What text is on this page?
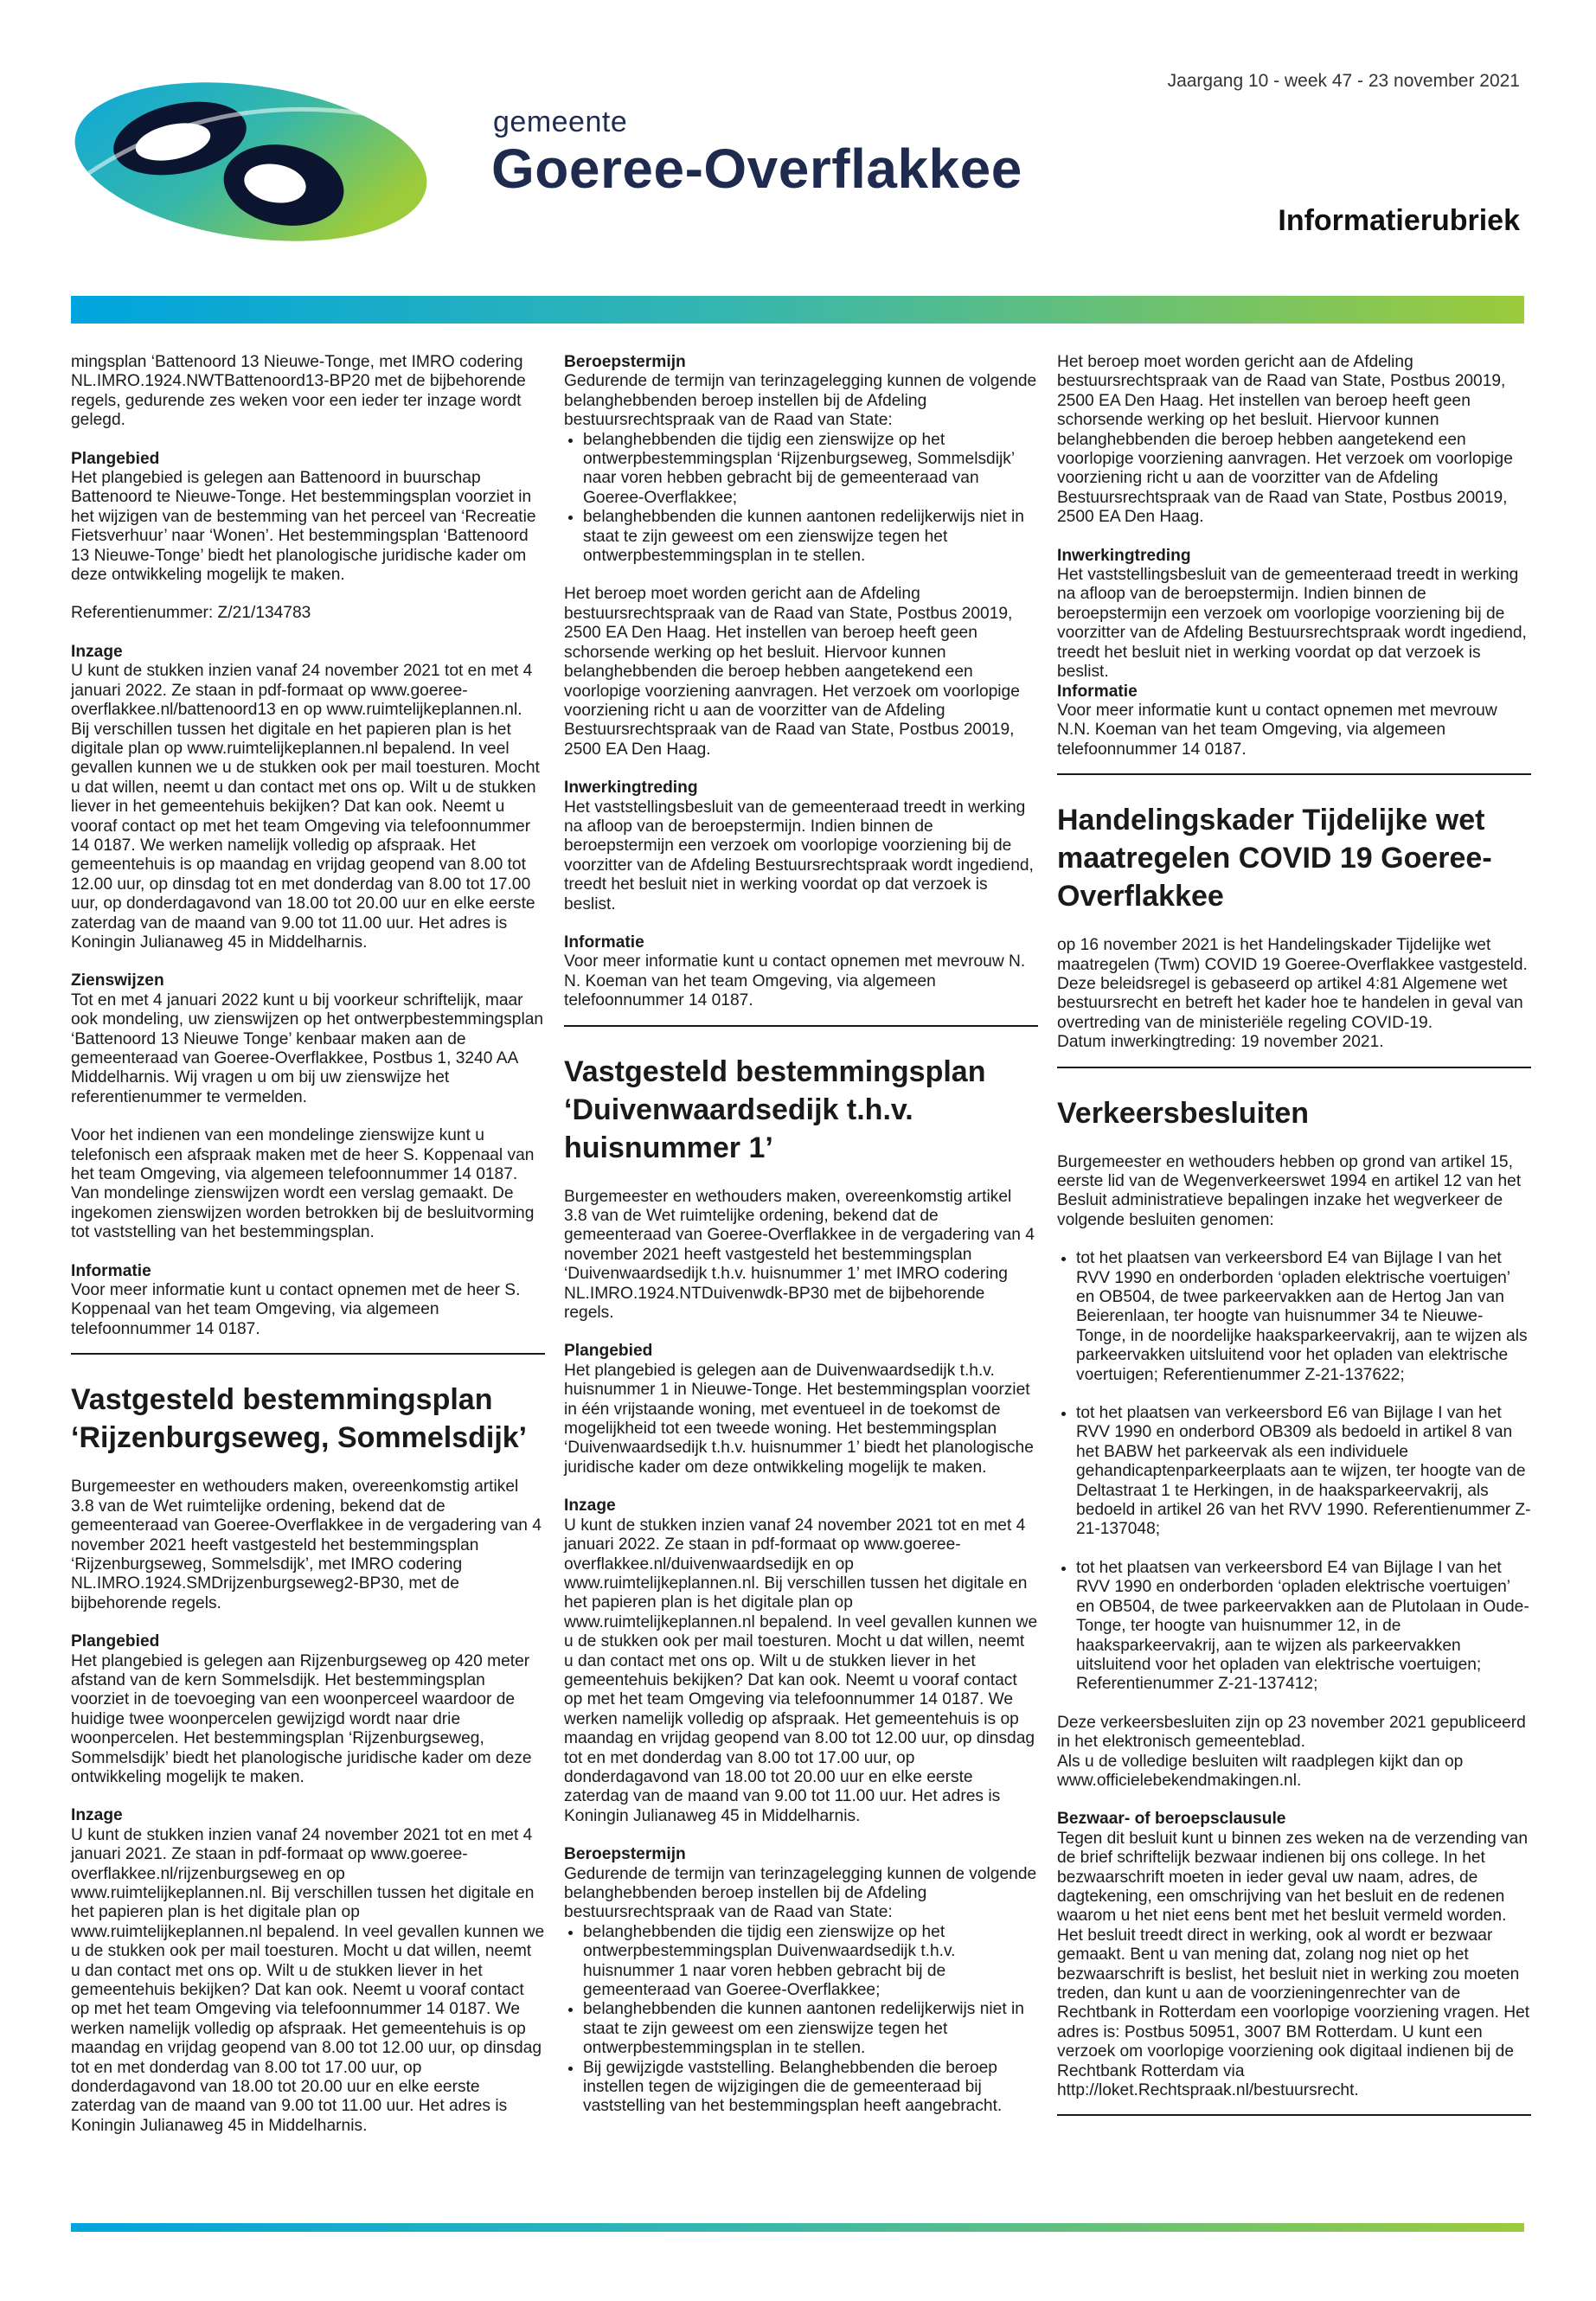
gemeente
Goeree-Overflakkee
Jaargang 10 - week 47 - 23 november 2021
Informatierubriek

mingsplan ‘Battenoord 13 Nieuwe-Tonge, met IMRO codering NL.IMRO.1924.NWTBattenoord13-BP20 met de bijbehorende regels, gedurende zes weken voor een ieder ter inzage wordt gelegd.

Plangebied

Het plangebied is gelegen aan Battenoord in buurschap Battenoord te Nieuwe-Tonge. Het bestemmingsplan voorziet in het wijzigen van de bestemming van het perceel van ‘Recreatie Fietsverhuur’ naar ‘Wonen’. Het bestemmingsplan ‘Battenoord 13 Nieuwe-Tonge’ biedt het planologische juridische kader om deze ontwikkeling mogelijk te maken.

Referentienummer: Z/21/134783

Inzage

U kunt de stukken inzien vanaf 24 november 2021 tot en met 4 januari 2022. Ze staan in pdf-formaat op www.goeree-overflakkee.nl/battenoord13 en op www.ruimtelijkeplannen.nl. Bij verschillen tussen het digitale en het papieren plan is het digitale plan op www.ruimtelijkeplannen.nl bepalend. In veel gevallen kunnen we u de stukken ook per mail toesturen. Mocht u dat willen, neemt u dan contact met ons op. Wilt u de stukken liever in het gemeentehuis bekijken? Dat kan ook. Neemt u vooraf contact op met het team Omgeving via telefoonnummer 14 0187. We werken namelijk volledig op afspraak. Het gemeentehuis is op maandag en vrijdag geopend van 8.00 tot 12.00 uur, op dinsdag tot en met donderdag van 8.00 tot 17.00 uur, op donderdagavond van 18.00 tot 20.00 uur en elke eerste zaterdag van de maand van 9.00 tot 11.00 uur. Het adres is Koningin Julianaweg 45 in Middelharnis.

Zienswijzen

Tot en met 4 januari 2022 kunt u bij voorkeur schriftelijk, maar ook mondeling, uw zienswijzen op het ontwerpbestemmingsplan ‘Battenoord 13 Nieuwe Tonge’ kenbaar maken aan de gemeenteraad van Goeree-Overflakkee, Postbus 1, 3240 AA Middelharnis. Wij vragen u om bij uw zienswijze het referentienummer te vermelden.

Voor het indienen van een mondelinge zienswijze kunt u telefonisch een afspraak maken met de heer S. Koppenaal van het team Omgeving, via algemeen telefoonnummer 14 0187. Van mondelinge zienswijzen wordt een verslag gemaakt. De ingekomen zienswijzen worden betrokken bij de besluitvorming tot vaststelling van het bestemmingsplan.

Informatie

Voor meer informatie kunt u contact opnemen met de heer S. Koppenaal van het team Omgeving, via algemeen telefoonnummer 14 0187.

Vastgesteld bestemmingsplan ‘Rijzenburgseweg, Sommelsdijk’

Burgemeester en wethouders maken, overeenkomstig artikel 3.8 van de Wet ruimtelijke ordening, bekend dat de gemeenteraad van Goeree-Overflakkee in de vergadering van 4 november 2021 heeft vastgesteld het bestemmingsplan ‘Rijzenburgseweg, Sommelsdijk’, met IMRO codering NL.IMRO.1924.SMDrijzenburgseweg2-BP30, met de bijbehorende regels.

Plangebied

Het plangebied is gelegen aan Rijzenburgseweg op 420 meter afstand van de kern Sommelsdijk. Het bestemmingsplan voorziet in de toevoeging van een woonperceel waardoor de huidige twee woonpercelen gewijzigd wordt naar drie woonpercelen. Het bestemmingsplan ‘Rijzenburgseweg, Sommelsdijk’ biedt het planologische juridische kader om deze ontwikkeling mogelijk te maken.

Inzage

U kunt de stukken inzien vanaf 24 november 2021 tot en met 4 januari 2021. Ze staan in pdf-formaat op www.goeree-overflakkee.nl/rijzenburgseweg en op www.ruimtelijkeplannen.nl. Bij verschillen tussen het digitale en het papieren plan is het digitale plan op www.ruimtelijkeplannen.nl bepalend. In veel gevallen kunnen we u de stukken ook per mail toesturen. Mocht u dat willen, neemt u dan contact met ons op. Wilt u de stukken liever in het gemeentehuis bekijken? Dat kan ook. Neemt u vooraf contact op met het team Omgeving via telefoonnummer 14 0187. We werken namelijk volledig op afspraak. Het gemeentehuis is op maandag en vrijdag geopend van 8.00 tot 12.00 uur, op dinsdag tot en met donderdag van 8.00 tot 17.00 uur, op donderdagavond van 18.00 tot 20.00 uur en elke eerste zaterdag van de maand van 9.00 tot 11.00 uur. Het adres is Koningin Julianaweg 45 in Middelharnis.

Beroepstermijn

Gedurende de termijn van terinzagelegging kunnen de volgende belanghebbenden beroep instellen bij de Afdeling bestuursrechtspraak van de Raad van State:

• belanghebbenden die tijdig een zienswijze op het ontwerpbestemmingsplan ‘Rijzenburgseweg, Sommelsdijk’ naar voren hebben gebracht bij de gemeenteraad van Goeree-Overflakkee;
• belanghebbenden die kunnen aantonen redelijkerwijs niet in staat te zijn geweest om een zienswijze tegen het ontwerpbestemmingsplan in te stellen.

Het beroep moet worden gericht aan de Afdeling bestuursrechtspraak van de Raad van State, Postbus 20019, 2500 EA Den Haag. Het instellen van beroep heeft geen schorsende werking op het besluit. Hiervoor kunnen belanghebbenden die beroep hebben aangetekend een voorlopige voorziening aanvragen. Het verzoek om voorlopige voorziening richt u aan de voorzitter van de Afdeling Bestuursrechtspraak van de Raad van State, Postbus 20019, 2500 EA Den Haag.

Inwerkingtreding

Het vaststellingsbesluit van de gemeenteraad treedt in werking na afloop van de beroepstermijn. Indien binnen de beroepstermijn een verzoek om voorlopige voorziening bij de voorzitter van de Afdeling Bestuursrechtspraak wordt ingediend, treedt het besluit niet in werking voordat op dat verzoek is beslist.

Informatie

Voor meer informatie kunt u contact opnemen met mevrouw N. N. Koeman van het team Omgeving, via algemeen telefoonnummer 14 0187.

Vastgesteld bestemmingsplan ‘Duivenwaardsedijk t.h.v. huisnummer 1’

Burgemeester en wethouders maken, overeenkomstig artikel 3.8 van de Wet ruimtelijke ordening, bekend dat de gemeenteraad van Goeree-Overflakkee in de vergadering van 4 november 2021 heeft vastgesteld het bestemmingsplan ‘Duivenwaardsedijk t.h.v. huisnummer 1’ met IMRO codering NL.IMRO.1924.NTDuivenwdk-BP30 met de bijbehorende regels.

Plangebied

Het plangebied is gelegen aan de Duivenwaardsedijk t.h.v. huisnummer 1 in Nieuwe-Tonge. Het bestemmingsplan voorziet in één vrijstaande woning, met eventueel in de toekomst de mogelijkheid tot een tweede woning. Het bestemmingsplan ‘Duivenwaardsedijk t.h.v. huisnummer 1’ biedt het planologische juridische kader om deze ontwikkeling mogelijk te maken.

Inzage

U kunt de stukken inzien vanaf 24 november 2021 tot en met 4 januari 2022. Ze staan in pdf-formaat op www.goeree-overflakkee.nl/duivenwaardsedijk en op www.ruimtelijkeplannen.nl. Bij verschillen tussen het digitale en het papieren plan is het digitale plan op www.ruimtelijkeplannen.nl bepalend. In veel gevallen kunnen we u de stukken ook per mail toesturen. Mocht u dat willen, neemt u dan contact met ons op. Wilt u de stukken liever in het gemeentehuis bekijken? Dat kan ook. Neemt u vooraf contact op met het team Omgeving via telefoonnummer 14 0187. We werken namelijk volledig op afspraak. Het gemeentehuis is op maandag en vrijdag geopend van 8.00 tot 12.00 uur, op dinsdag tot en met donderdag van 8.00 tot 17.00 uur, op donderdagavond van 18.00 tot 20.00 uur en elke eerste zaterdag van de maand van 9.00 tot 11.00 uur. Het adres is Koningin Julianaweg 45 in Middelharnis.

Beroepstermijn

Gedurende de termijn van terinzagelegging kunnen de volgende belanghebbenden beroep instellen bij de Afdeling bestuursrechtspraak van de Raad van State:

• belanghebbenden die tijdig een zienswijze op het ontwerpbestemmingsplan Duivenwaardsedijk t.h.v. huisnummer 1 naar voren hebben gebracht bij de gemeenteraad van Goeree-Overflakkee;
• belanghebbenden die kunnen aantonen redelijkerwijs niet in staat te zijn geweest om een zienswijze tegen het ontwerpbestemmingsplan in te stellen.
• Bij gewijzigde vaststelling. Belanghebbenden die beroep instellen tegen de wijzigingen die de gemeenteraad bij vaststelling van het bestemmingsplan heeft aangebracht.

Het beroep moet worden gericht aan de Afdeling bestuursrechtspraak van de Raad van State, Postbus 20019, 2500 EA Den Haag. Het instellen van beroep heeft geen schorsende werking op het besluit. Hiervoor kunnen belanghebbenden die beroep hebben aangetekend een voorlopige voorziening aanvragen. Het verzoek om voorlopige voorziening richt u aan de voorzitter van de Afdeling Bestuursrechtspraak van de Raad van State, Postbus 20019, 2500 EA Den Haag.

Inwerkingtreding

Het vaststellingsbesluit van de gemeenteraad treedt in werking na afloop van de beroepstermijn. Indien binnen de beroepstermijn een verzoek om voorlopige voorziening bij de voorzitter van de Afdeling Bestuursrechtspraak wordt ingediend, treedt het besluit niet in werking voordat op dat verzoek is beslist.

Informatie

Voor meer informatie kunt u contact opnemen met mevrouw N.N. Koeman van het team Omgeving, via algemeen telefoonnummer 14 0187.

Handelingskader Tijdelijke wet maatregelen COVID 19 Goeree-Overflakkee

op 16 november 2021 is het Handelingskader Tijdelijke wet maatregelen (Twm) COVID 19 Goeree-Overflakkee vastgesteld. Deze beleidsregel is gebaseerd op artikel 4:81 Algemene wet bestuursrecht en betreft het kader hoe te handelen in geval van overtreding van de ministeriële regeling COVID-19.

Datum inwerkingtreding: 19 november 2021.

Verkeersbesluiten

Burgemeester en wethouders hebben op grond van artikel 15, eerste lid van de Wegenverkeerswet 1994 en artikel 12 van het Besluit administratieve bepalingen inzake het wegverkeer de volgende besluiten genomen:

• tot het plaatsen van verkeersbord E4 van Bijlage I van het RVV 1990 en onderborden ‘opladen elektrische voertuigen’ en OB504, de twee parkeervakken aan de Hertog Jan van Beierenlaan, ter hoogte van huisnummer 34 te Nieuwe-Tonge, in de noordelijke haaksparkeervakrij, aan te wijzen als parkeervakken uitsluitend voor het opladen van elektrische voertuigen; Referentienummer Z-21-137622;
• tot het plaatsen van verkeersbord E6 van Bijlage I van het RVV 1990 en onderbord OB309 als bedoeld in artikel 8 van het BABW het parkeervak als een individuele gehandicaptenparkeerplaats aan te wijzen, ter hoogte van de Deltastraat 1 te Herkingen, in de haaksparkeervakrij, als bedoeld in artikel 26 van het RVV 1990. Referentienummer Z-21-137048;
• tot het plaatsen van verkeersbord E4 van Bijlage I van het RVV 1990 en onderborden ‘opladen elektrische voertuigen’ en OB504, de twee parkeervakken aan de Plutolaan in Oude-Tonge, ter hoogte van huisnummer 12, in de haaksparkeervakrij, aan te wijzen als parkeervakken uitsluitend voor het opladen van elektrische voertuigen; Referentienummer Z-21-137412;

Deze verkeersbesluiten zijn op 23 november 2021 gepubliceerd in het elektronisch gemeenteblad.

Als u de volledige besluiten wilt raadplegen kijkt dan op www.officielebekendmakingen.nl.

Bezwaar- of beroepsclausule

Tegen dit besluit kunt u binnen zes weken na de verzending van de brief schriftelijk bezwaar indienen bij ons college. In het bezwaarschrift moeten in ieder geval uw naam, adres, de dagtekening, een omschrijving van het besluit en de redenen waarom u het niet eens bent met het besluit vermeld worden. Het besluit treedt direct in werking, ook al wordt er bezwaar gemaakt. Bent u van mening dat, zolang nog niet op het bezwaarschrift is beslist, het besluit niet in werking zou moeten treden, dan kunt u aan de voorzieningenrechter van de Rechtbank in Rotterdam een voorlopige voorziening vragen. Het adres is: Postbus 50951, 3007 BM Rotterdam. U kunt een verzoek om voorlopige voorziening ook digitaal indienen bij de Rechtbank Rotterdam via http://loket.Rechtspraak.nl/bestuursrecht.
